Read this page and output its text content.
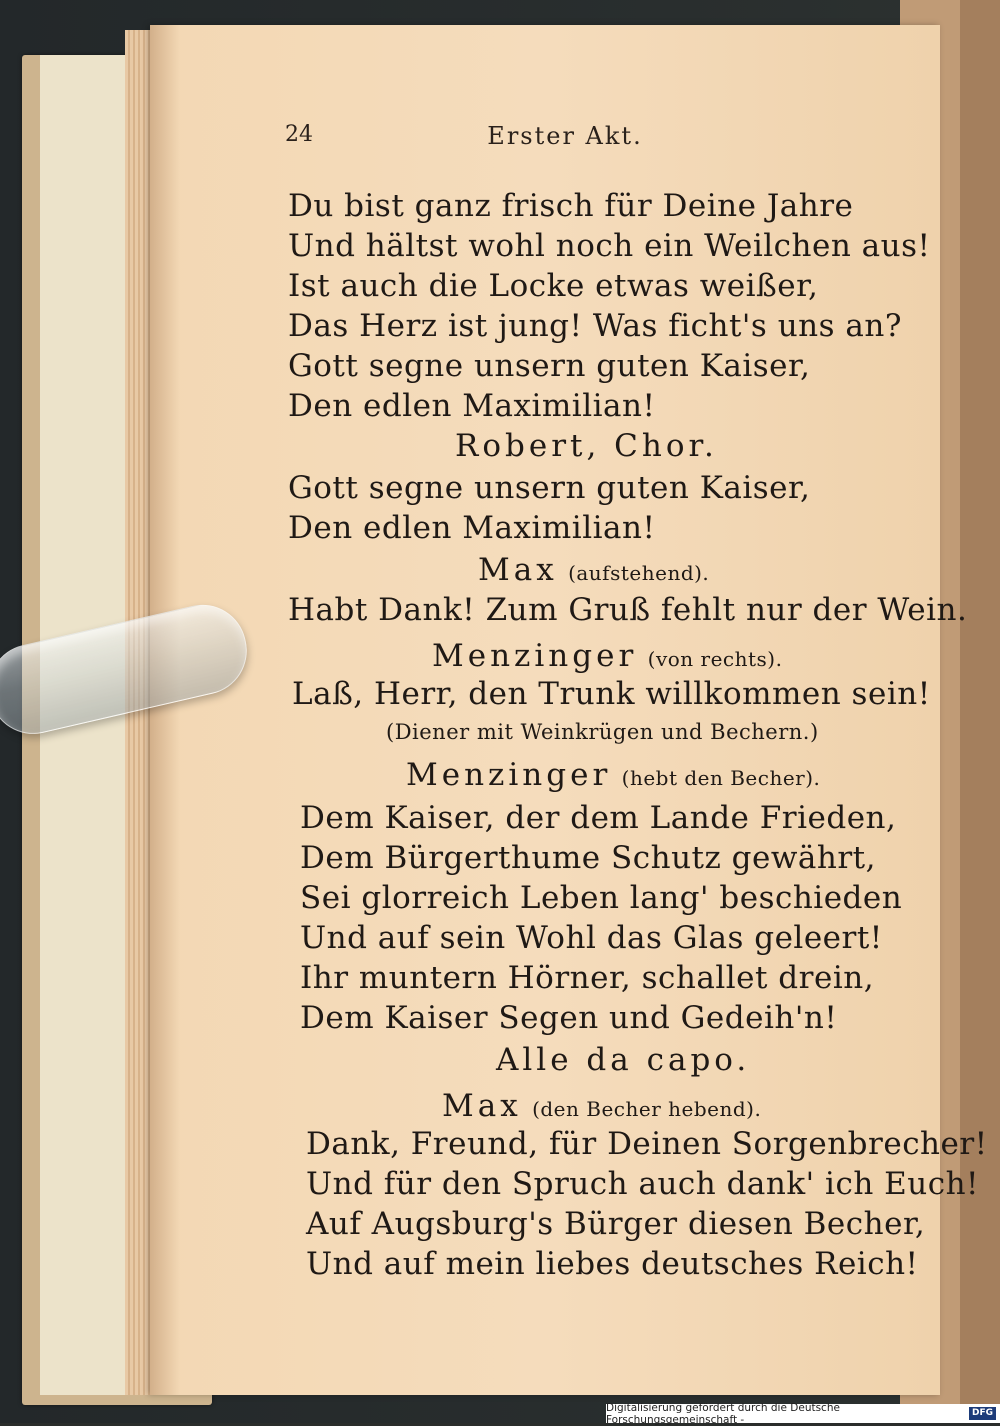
24	Erster Akt.
Du bist ganz frisch für Deine Jahre
Und hältst wohl noch ein Weilchen aus!
Ist auch die Locke etwas weißer,
Das Herz ist jung! Was ficht's uns an?
Gott segne unsern guten Kaiser,
Den edlen Maximilian!
Robert, Chor.
Gott segne unsern guten Kaiser,
Den edlen Maximilian!
Max (aufstehend).
Habt Dank! Zum Gruß fehlt nur der Wein.
Menzinger (von rechts).
Laß, Herr, den Trunk willkommen sein!
(Diener mit Weinkrügen und Bechern.)
Menzinger (hebt den Becher).
Dem Kaiser, der dem Lande Frieden,
Dem Bürgerthume Schutz gewährt,
Sei glorreich Leben lang' beschieden
Und auf sein Wohl das Glas geleert!
Ihr muntern Hörner, schallet drein,
Dem Kaiser Segen und Gedeih'n!
Alle da capo.
Max (den Becher hebend).
Dank, Freund, für Deinen Sorgenbrecher!
Und für den Spruch auch dank' ich Euch!
Auf Augsburg's Bürger diesen Becher,
Und auf mein liebes deutsches Reich!
Digitalisierung gefördert durch die Deutsche Forschungsgemeinschaft -
DFG
